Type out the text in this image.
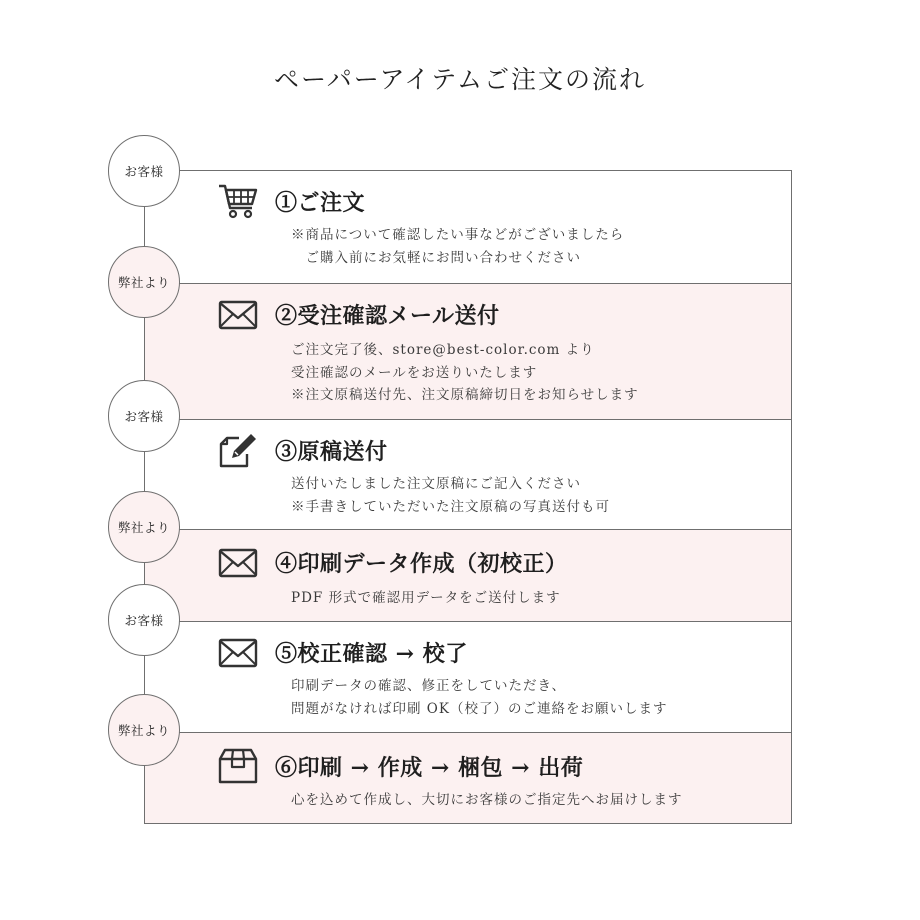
ペーパーアイテムご注文の流れ
①ご注文
※商品について確認したい事などがございましたら
　ご購入前にお気軽にお問い合わせください
②受注確認メール送付
ご注文完了後、store@best-color.com より
受注確認のメールをお送りいたします
※注文原稿送付先、注文原稿締切日をお知らせします
③原稿送付
送付いたしました注文原稿にご記入ください
※手書きしていただいた注文原稿の写真送付も可
④印刷データ作成（初校正）
PDF 形式で確認用データをご送付します
⑤校正確認 → 校了
印刷データの確認、修正をしていただき、
問題がなければ印刷 OK（校了）のご連絡をお願いします
⑥印刷 → 作成 → 梱包 → 出荷
心を込めて作成し、大切にお客様のご指定先へお届けします
お客様
弊社より
お客様
弊社より
お客様
弊社より
